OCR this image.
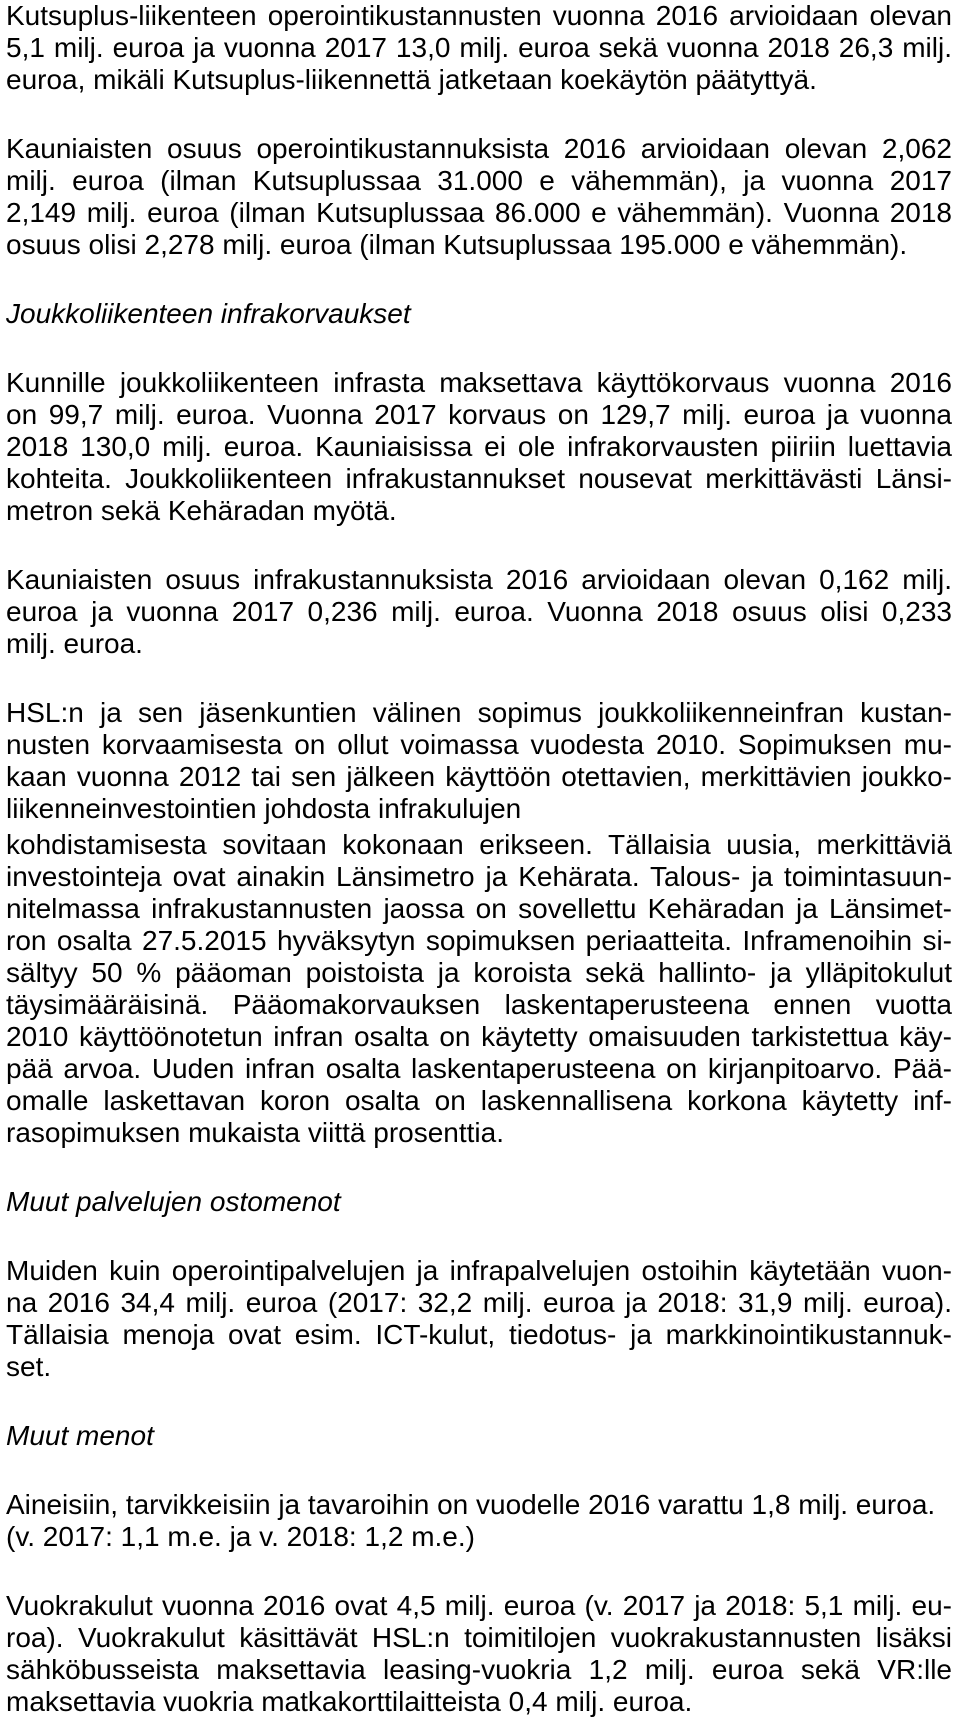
Kutsuplus-liikenteen operointikustannusten vuonna 2016 arvioidaan olevan
5,1 milj. euroa ja vuonna 2017 13,0 milj. euroa sekä vuonna 2018 26,3 milj.
euroa, mikäli Kutsuplus-liikennettä jatketaan koekäytön päätyttyä.
Kauniaisten osuus operointikustannuksista 2016 arvioidaan olevan 2,062
milj. euroa (ilman Kutsuplussaa 31.000 e vähemmän), ja vuonna 2017
2,149 milj. euroa (ilman Kutsuplussaa 86.000 e vähemmän). Vuonna 2018
osuus olisi 2,278 milj. euroa (ilman Kutsuplussaa 195.000 e vähemmän).
Joukkoliikenteen infrakorvaukset
Kunnille joukkoliikenteen infrasta maksettava käyttökorvaus vuonna 2016
on 99,7 milj. euroa. Vuonna 2017 korvaus on 129,7 milj. euroa ja vuonna
2018 130,0 milj. euroa. Kauniaisissa ei ole infrakorvausten piiriin luettavia
kohteita. Joukkoliikenteen infrakustannukset nousevat merkittävästi Länsi-
metron sekä Kehäradan myötä.
Kauniaisten osuus infrakustannuksista 2016 arvioidaan olevan 0,162 milj.
euroa ja vuonna 2017 0,236 milj. euroa. Vuonna 2018 osuus olisi 0,233
milj. euroa.
HSL:n ja sen jäsenkuntien välinen sopimus joukkoliikenneinfran kustan-
nusten korvaamisesta on ollut voimassa vuodesta 2010. Sopimuksen mu-
kaan vuonna 2012 tai sen jälkeen käyttöön otettavien, merkittävien joukko-
liikenneinvestointien johdosta infrakulujen
kohdistamisesta sovitaan kokonaan erikseen. Tällaisia uusia, merkittäviä
investointeja ovat ainakin Länsimetro ja Kehärata. Talous- ja toimintasuun-
nitelmassa infrakustannusten jaossa on sovellettu Kehäradan ja Länsimet-
ron osalta 27.5.2015 hyväksytyn sopimuksen periaatteita. Inframenoihin si-
sältyy 50 % pääoman poistoista ja koroista sekä hallinto- ja ylläpitokulut
täysimääräisinä. Pääomakorvauksen laskentaperusteena ennen vuotta
2010 käyttöönotetun infran osalta on käytetty omaisuuden tarkistettua käy-
pää arvoa. Uuden infran osalta laskentaperusteena on kirjanpitoarvo. Pää-
omalle laskettavan koron osalta on laskennallisena korkona käytetty inf-
rasopimuksen mukaista viittä prosenttia.
Muut palvelujen ostomenot
Muiden kuin operointipalvelujen ja infrapalvelujen ostoihin käytetään vuon-
na 2016 34,4 milj. euroa (2017: 32,2 milj. euroa ja 2018: 31,9 milj. euroa).
Tällaisia menoja ovat esim. ICT-kulut, tiedotus- ja markkinointikustannuk-
set.
Muut menot
Aineisiin, tarvikkeisiin ja tavaroihin on vuodelle 2016 varattu 1,8 milj. euroa.
(v. 2017: 1,1 m.e. ja v. 2018: 1,2 m.e.)
Vuokrakulut vuonna 2016 ovat 4,5 milj. euroa (v. 2017 ja 2018: 5,1 milj. eu-
roa). Vuokrakulut käsittävät HSL:n toimitilojen vuokrakustannusten lisäksi
sähköbusseista maksettavia leasing-vuokria 1,2 milj. euroa sekä VR:lle
maksettavia vuokria matkakorttilaitteista 0,4 milj. euroa.
